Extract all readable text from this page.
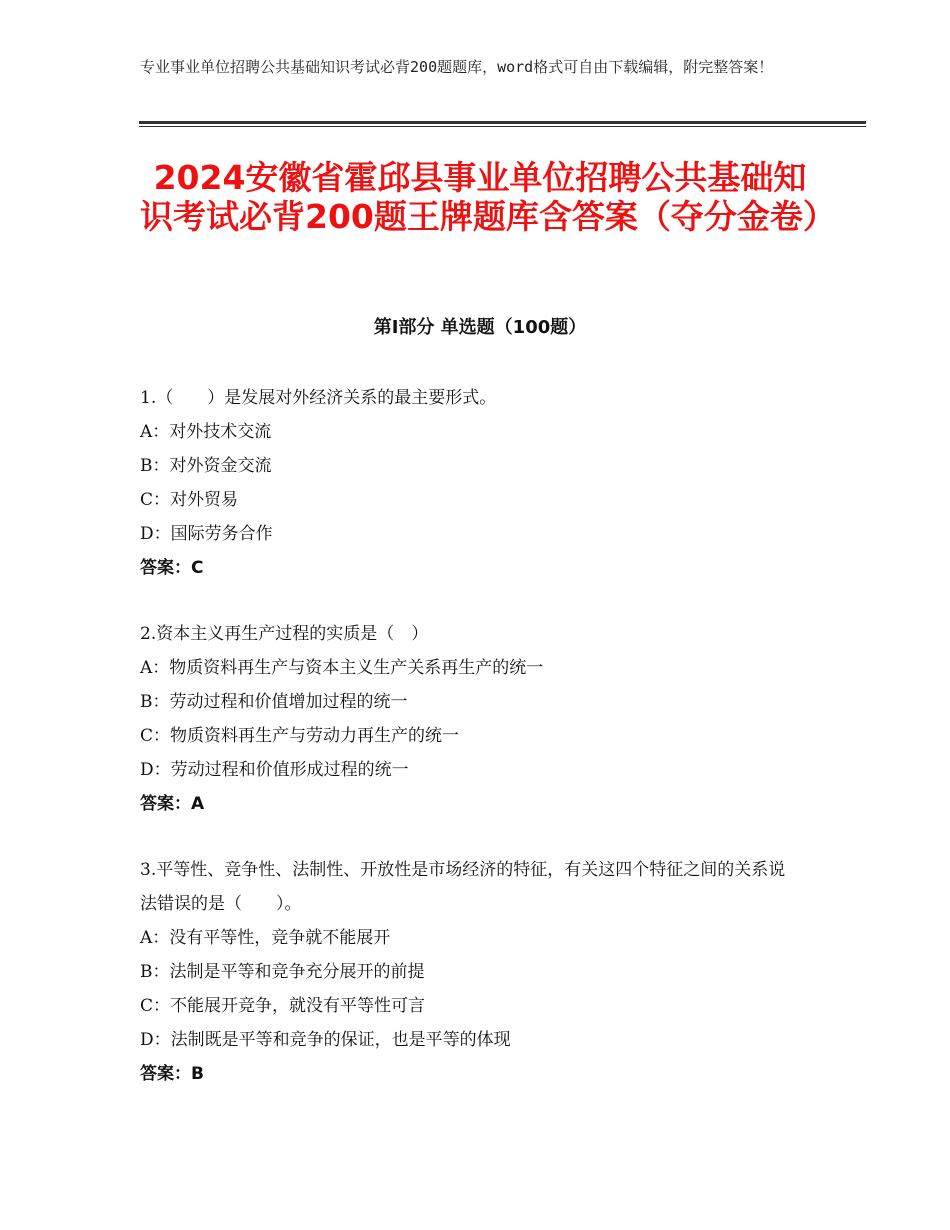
专业事业单位招聘公共基础知识考试必背200题题库，word格式可自由下载编辑，附完整答案！
2024安徽省霍邱县事业单位招聘公共基础知识考试必背200题王牌题库含答案（夺分金卷）
第Ⅰ部分 单选题（100题）
1.（　　）是发展对外经济关系的最主要形式。
A：对外技术交流
B：对外资金交流
C：对外贸易
D：国际劳务合作
答案：C
2.资本主义再生产过程的实质是（　）
A：物质资料再生产与资本主义生产关系再生产的统一
B：劳动过程和价值增加过程的统一
C：物质资料再生产与劳动力再生产的统一
D：劳动过程和价值形成过程的统一
答案：A
3.平等性、竞争性、法制性、开放性是市场经济的特征，有关这四个特征之间的关系说法错误的是（　　）。
A：没有平等性，竞争就不能展开
B：法制是平等和竞争充分展开的前提
C：不能展开竞争，就没有平等性可言
D：法制既是平等和竞争的保证，也是平等的体现
答案：B
